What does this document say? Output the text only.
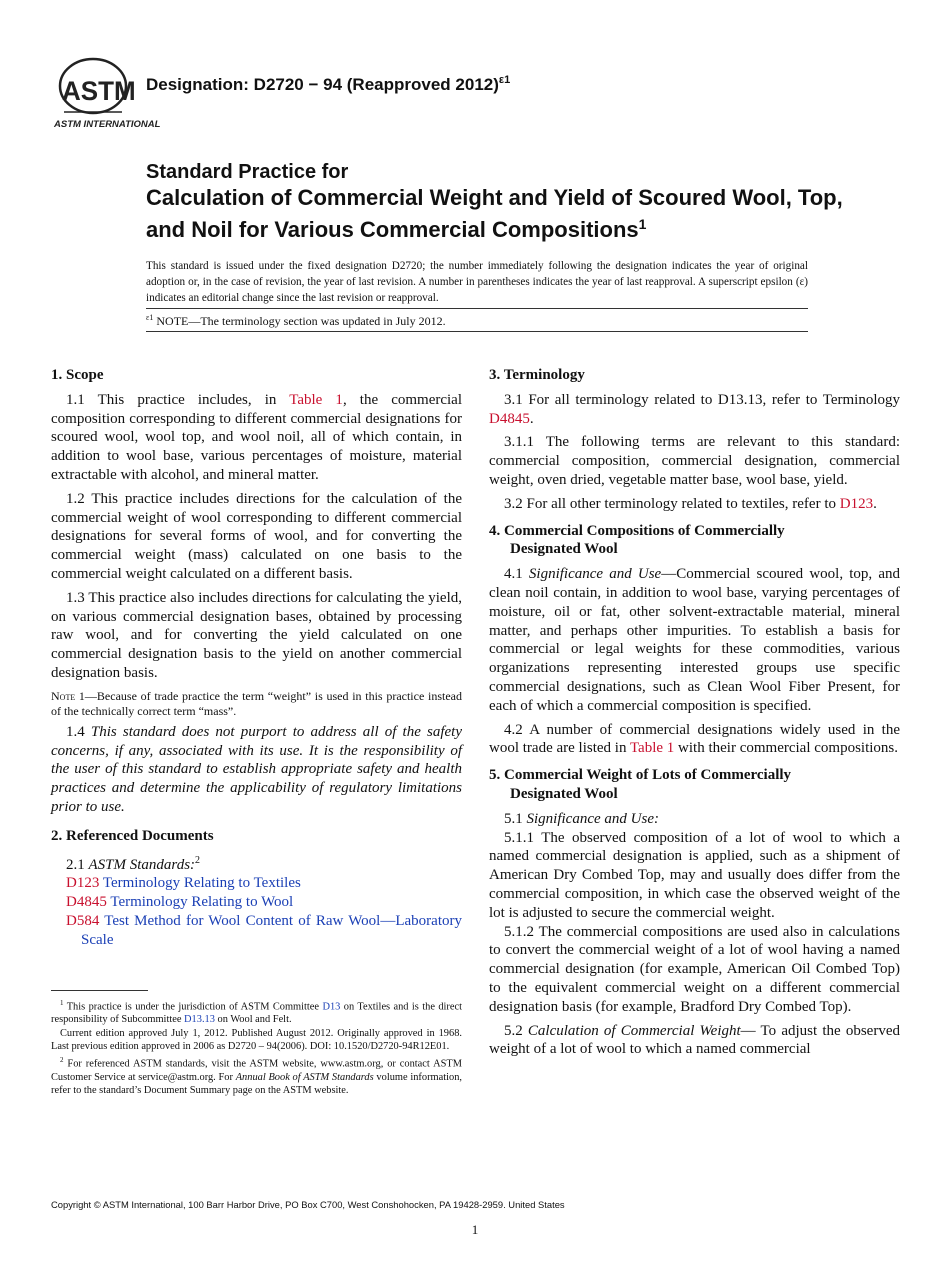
ASTM
ASTM INTERNATIONAL
Designation: D2720 − 94 (Reapproved 2012)$^{\varepsilon 1}$
Standard Practice for
Calculation of Commercial Weight and Yield of Scoured Wool, Top, and Noil for Various Commercial Compositions$^1$
This standard is issued under the fixed designation D2720; the number immediately following the designation indicates the year of original adoption or, in the case of revision, the year of last revision. A number in parentheses indicates the year of last reapproval. A superscript epsilon (ε) indicates an editorial change since the last revision or reapproval.
$^{\varepsilon 1}$ NOTE—The terminology section was updated in July 2012.
1. Scope

1.1 This practice includes, in Table 1, the commercial composition corresponding to different commercial designations for scoured wool, wool top, and wool noil, all of which contain, in addition to wool base, various percentages of moisture, material extractable with alcohol, and mineral matter.

1.2 This practice includes directions for the calculation of the commercial weight of wool corresponding to different commercial designations for several forms of wool, and for converting the commercial weight (mass) calculated on one basis to the commercial weight calculated on a different basis.

1.3 This practice also includes directions for calculating the yield, on various commercial designation bases, obtained by processing raw wool, and for converting the yield calculated on one commercial designation basis to the yield on another commercial designation basis.

Note 1—Because of trade practice the term “weight” is used in this practice instead of the technically correct term “mass”.

1.4 This standard does not purport to address all of the safety concerns, if any, associated with its use. It is the responsibility of the user of this standard to establish appropriate safety and health practices and determine the applicability of regulatory limitations prior to use.

2. Referenced Documents

2.1 ASTM Standards:$^2$

D123 Terminology Relating to Textiles

D4845 Terminology Relating to Wool

D584 Test Method for Wool Content of Raw Wool—Laboratory Scale

$^1$ This practice is under the jurisdiction of ASTM Committee D13 on Textiles and is the direct responsibility of Subcommittee D13.13 on Wool and Felt.

Current edition approved July 1, 2012. Published August 2012. Originally approved in 1968. Last previous edition approved in 2006 as D2720 – 94(2006). DOI: 10.1520/D2720-94R12E01.

$^2$ For referenced ASTM standards, visit the ASTM website, www.astm.org, or contact ASTM Customer Service at service@astm.org. For Annual Book of ASTM Standards volume information, refer to the standard’s Document Summary page on the ASTM website.

3. Terminology

3.1 For all terminology related to D13.13, refer to Terminology D4845.

3.1.1 The following terms are relevant to this standard: commercial composition, commercial designation, commercial weight, oven dried, vegetable matter base, wool base, yield.

3.2 For all other terminology related to textiles, refer to D123.

4. Commercial Compositions of Commercially
Designated Wool

4.1 Significance and Use—Commercial scoured wool, top, and clean noil contain, in addition to wool base, varying percentages of moisture, oil or fat, other solvent-extractable material, mineral matter, and perhaps other impurities. To establish a basis for commercial or legal weights for these commodities, various organizations representing interested groups use specific commercial designations, such as Clean Wool Fiber Present, for each of which a commercial composition is specified.

4.2 A number of commercial designations widely used in the wool trade are listed in Table 1 with their commercial compositions.

5. Commercial Weight of Lots of Commercially
Designated Wool

5.1 Significance and Use:

5.1.1 The observed composition of a lot of wool to which a named commercial designation is applied, such as a shipment of American Dry Combed Top, may and usually does differ from the commercial composition, in which case the observed weight of the lot is adjusted to secure the commercial weight.

5.1.2 The commercial compositions are used also in calculations to convert the commercial weight of a lot of wool having a named commercial designation (for example, American Oil Combed Top) to the equivalent commercial weight on a different commercial designation basis (for example, Bradford Dry Combed Top).

5.2 Calculation of Commercial Weight— To adjust the observed weight of a lot of wool to which a named commercial

Copyright © ASTM International, 100 Barr Harbor Drive, PO Box C700, West Conshohocken, PA 19428-2959. United States
1
